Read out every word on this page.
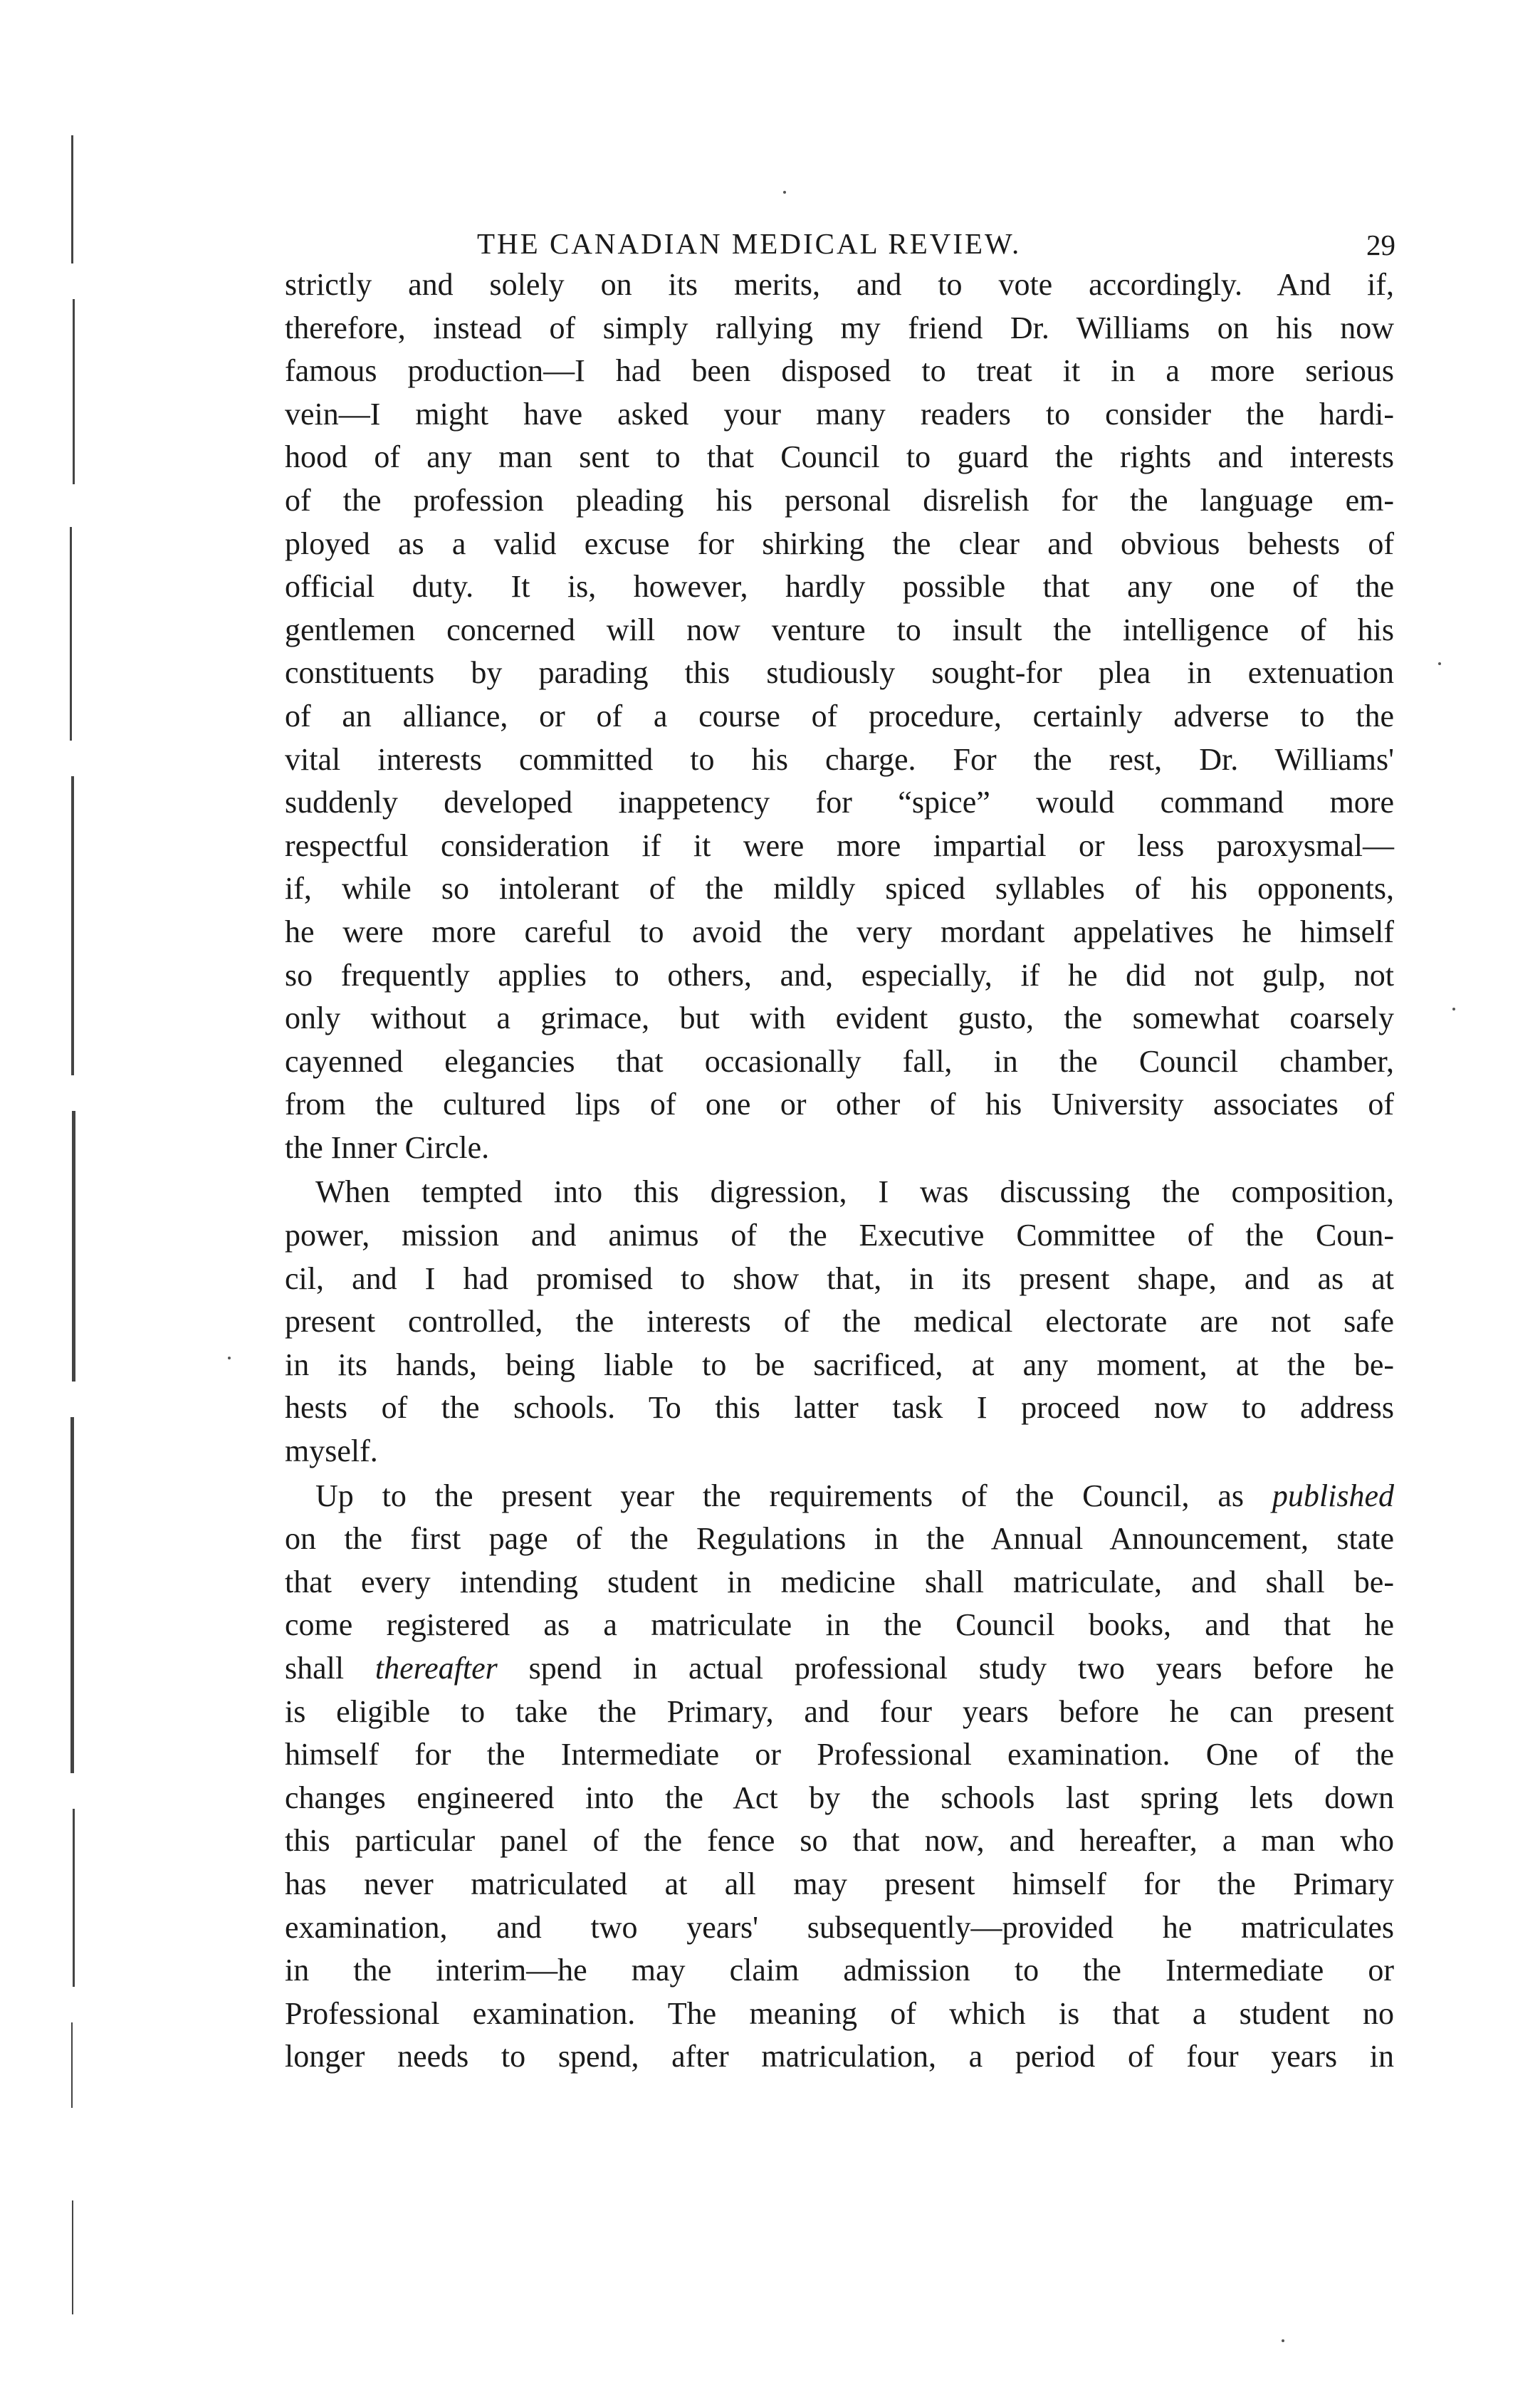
THE CANADIAN MEDICAL REVIEW.	29
strictly and solely on its merits, and to vote accordingly. And if,
therefore, instead of simply rallying my friend Dr. Williams on his now
famous production—I had been disposed to treat it in a more serious
vein—I might have asked your many readers to consider the hardi-
hood of any man sent to that Council to guard the rights and interests
of the profession pleading his personal disrelish for the language em-
ployed as a valid excuse for shirking the clear and obvious behests of
official duty. It is, however, hardly possible that any one of the
gentlemen concerned will now venture to insult the intelligence of his
constituents by parading this studiously sought-for plea in extenuation
of an alliance, or of a course of procedure, certainly adverse to the
vital interests committed to his charge. For the rest, Dr. Williams'
suddenly developed inappetency for “spice” would command more
respectful consideration if it were more impartial or less paroxysmal—
if, while so intolerant of the mildly spiced syllables of his opponents,
he were more careful to avoid the very mordant appelatives he himself
so frequently applies to others, and, especially, if he did not gulp, not
only without a grimace, but with evident gusto, the somewhat coarsely
cayenned elegancies that occasionally fall, in the Council chamber,
from the cultured lips of one or other of his University associates of
the Inner Circle.
When tempted into this digression, I was discussing the composition,
power, mission and animus of the Executive Committee of the Coun-
cil, and I had promised to show that, in its present shape, and as at
present controlled, the interests of the medical electorate are not safe
in its hands, being liable to be sacrificed, at any moment, at the be-
hests of the schools. To this latter task I proceed now to address
myself.
Up to the present year the requirements of the Council, as published
on the first page of the Regulations in the Annual Announcement, state
that every intending student in medicine shall matriculate, and shall be-
come registered as a matriculate in the Council books, and that he
shall thereafter spend in actual professional study two years before he
is eligible to take the Primary, and four years before he can present
himself for the Intermediate or Professional examination. One of the
changes engineered into the Act by the schools last spring lets down
this particular panel of the fence so that now, and hereafter, a man who
has never matriculated at all may present himself for the Primary
examination, and two years' subsequently—provided he matriculates
in the interim—he may claim admission to the Intermediate or
Professional examination. The meaning of which is that a student no
longer needs to spend, after matriculation, a period of four years in
